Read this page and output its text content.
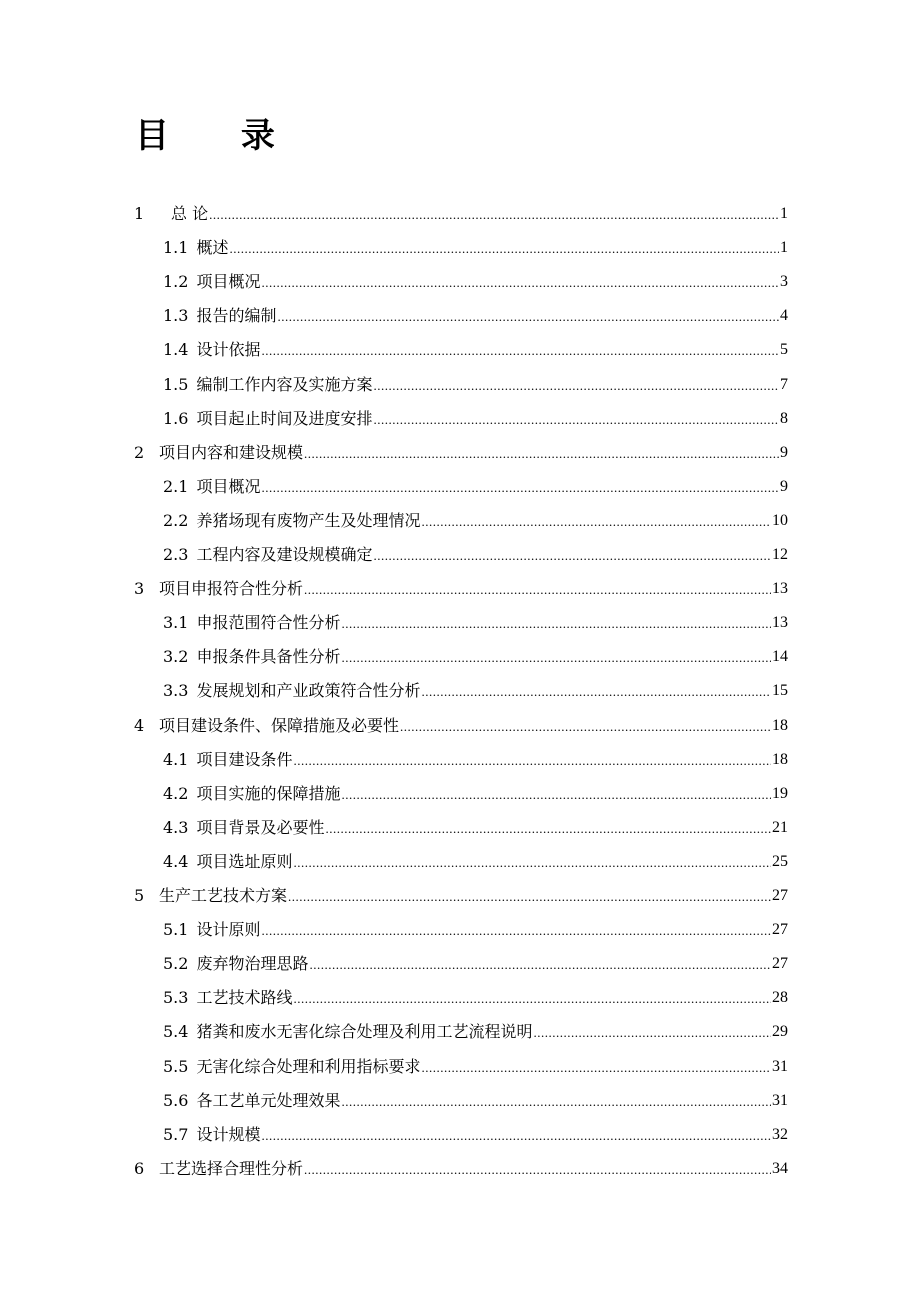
目 录
1	总 论 .....	1
1.1 概述 .....	1
1.2 项目概况 .....	3
1.3 报告的编制 .....	4
1.4 设计依据 .....	5
1.5 编制工作内容及实施方案 .....	7
1.6 项目起止时间及进度安排 .....	8
2 项目内容和建设规模 .....	9
2.1 项目概况 .....	9
2.2 养猪场现有废物产生及处理情况 .....	10
2.3 工程内容及建设规模确定 .....	12
3 项目申报符合性分析 .....	13
3.1 申报范围符合性分析 .....	13
3.2 申报条件具备性分析 .....	14
3.3 发展规划和产业政策符合性分析 .....	15
4 项目建设条件、保障措施及必要性 .....	18
4.1 项目建设条件 .....	18
4.2 项目实施的保障措施 .....	19
4.3 项目背景及必要性 .....	21
4.4 项目选址原则 .....	25
5 生产工艺技术方案 .....	27
5.1 设计原则 .....	27
5.2 废弃物治理思路 .....	27
5.3 工艺技术路线 .....	28
5.4 猪粪和废水无害化综合处理及利用工艺流程说明 .....	29
5.5 无害化综合处理和利用指标要求 .....	31
5.6 各工艺单元处理效果 .....	31
5.7 设计规模 .....	32
6 工艺选择合理性分析 .....	34
